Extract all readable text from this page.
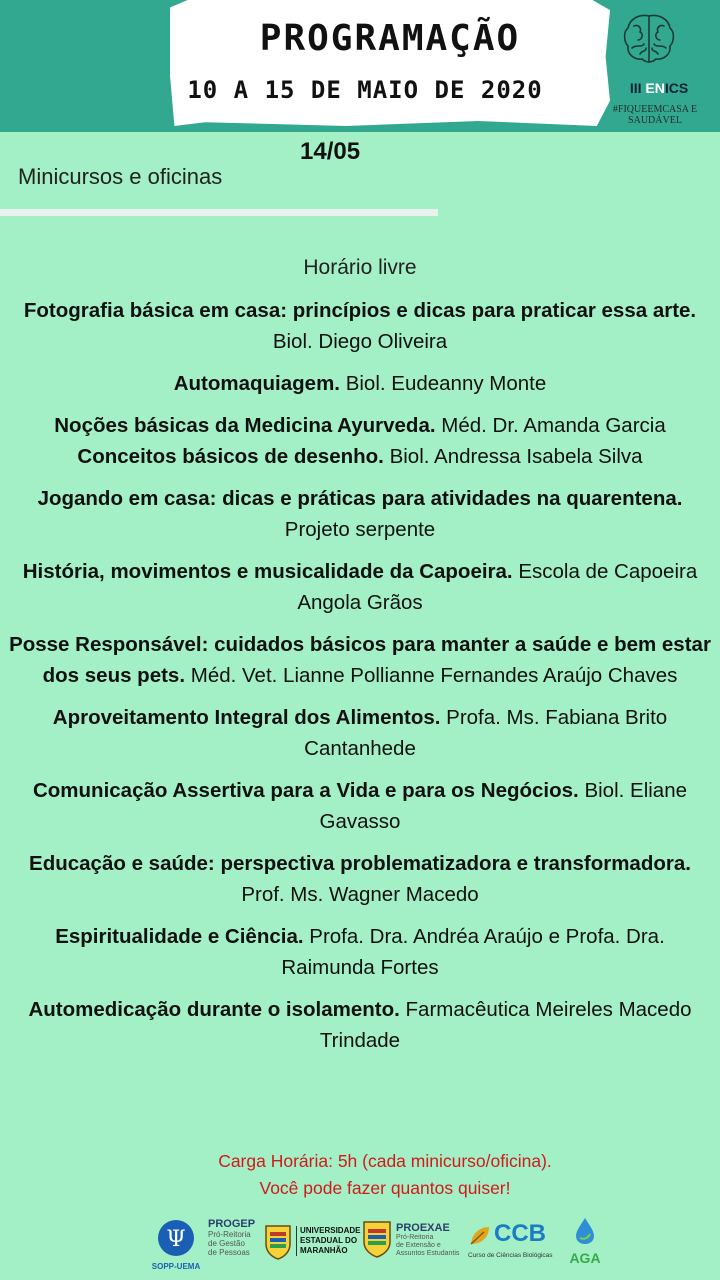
PROGRAMAÇÃO
10 A 15 DE MAIO DE 2020	III ENICS
#FIQUEEMCASA E SAUDÁVEL
14/05
Minicursos e oficinas
Horário livre
Fotografia básica em casa: princípios e dicas para praticar essa arte. Biol. Diego Oliveira
Automaquiagem. Biol. Eudeanny Monte
Noções básicas da Medicina Ayurveda. Méd. Dr. Amanda Garcia
Conceitos básicos de desenho. Biol. Andressa Isabela Silva
Jogando em casa: dicas e práticas para atividades na quarentena. Projeto serpente
História, movimentos e musicalidade da Capoeira. Escola de Capoeira Angola Grãos
Posse Responsável: cuidados básicos para manter a saúde e bem estar dos seus pets. Méd. Vet. Lianne Pollianne Fernandes Araújo Chaves
Aproveitamento Integral dos Alimentos. Profa. Ms. Fabiana Brito Cantanhede
Comunicação Assertiva para a Vida e para os Negócios. Biol. Eliane Gavasso
Educação e saúde: perspectiva problematizadora e transformadora. Prof. Ms. Wagner Macedo
Espiritualidade e Ciência. Profa. Dra. Andréa Araújo e Profa. Dra. Raimunda Fortes
Automedicação durante o isolamento. Farmacêutica Meireles Macedo Trindade
Carga Horária: 5h (cada minicurso/oficina).
Você pode fazer quantos quiser!
Ψ
SOPP-UEMA
PROGEP
Pró-Reitoria
de Gestão
de Pessoas
UNIVERSIDADE
ESTADUAL DO
MARANHÃO
PROEXAE
Pró-Reitoria
de Extensão e
Assuntos Estudantis
CCB
Curso de Ciências Biológicas AGA
